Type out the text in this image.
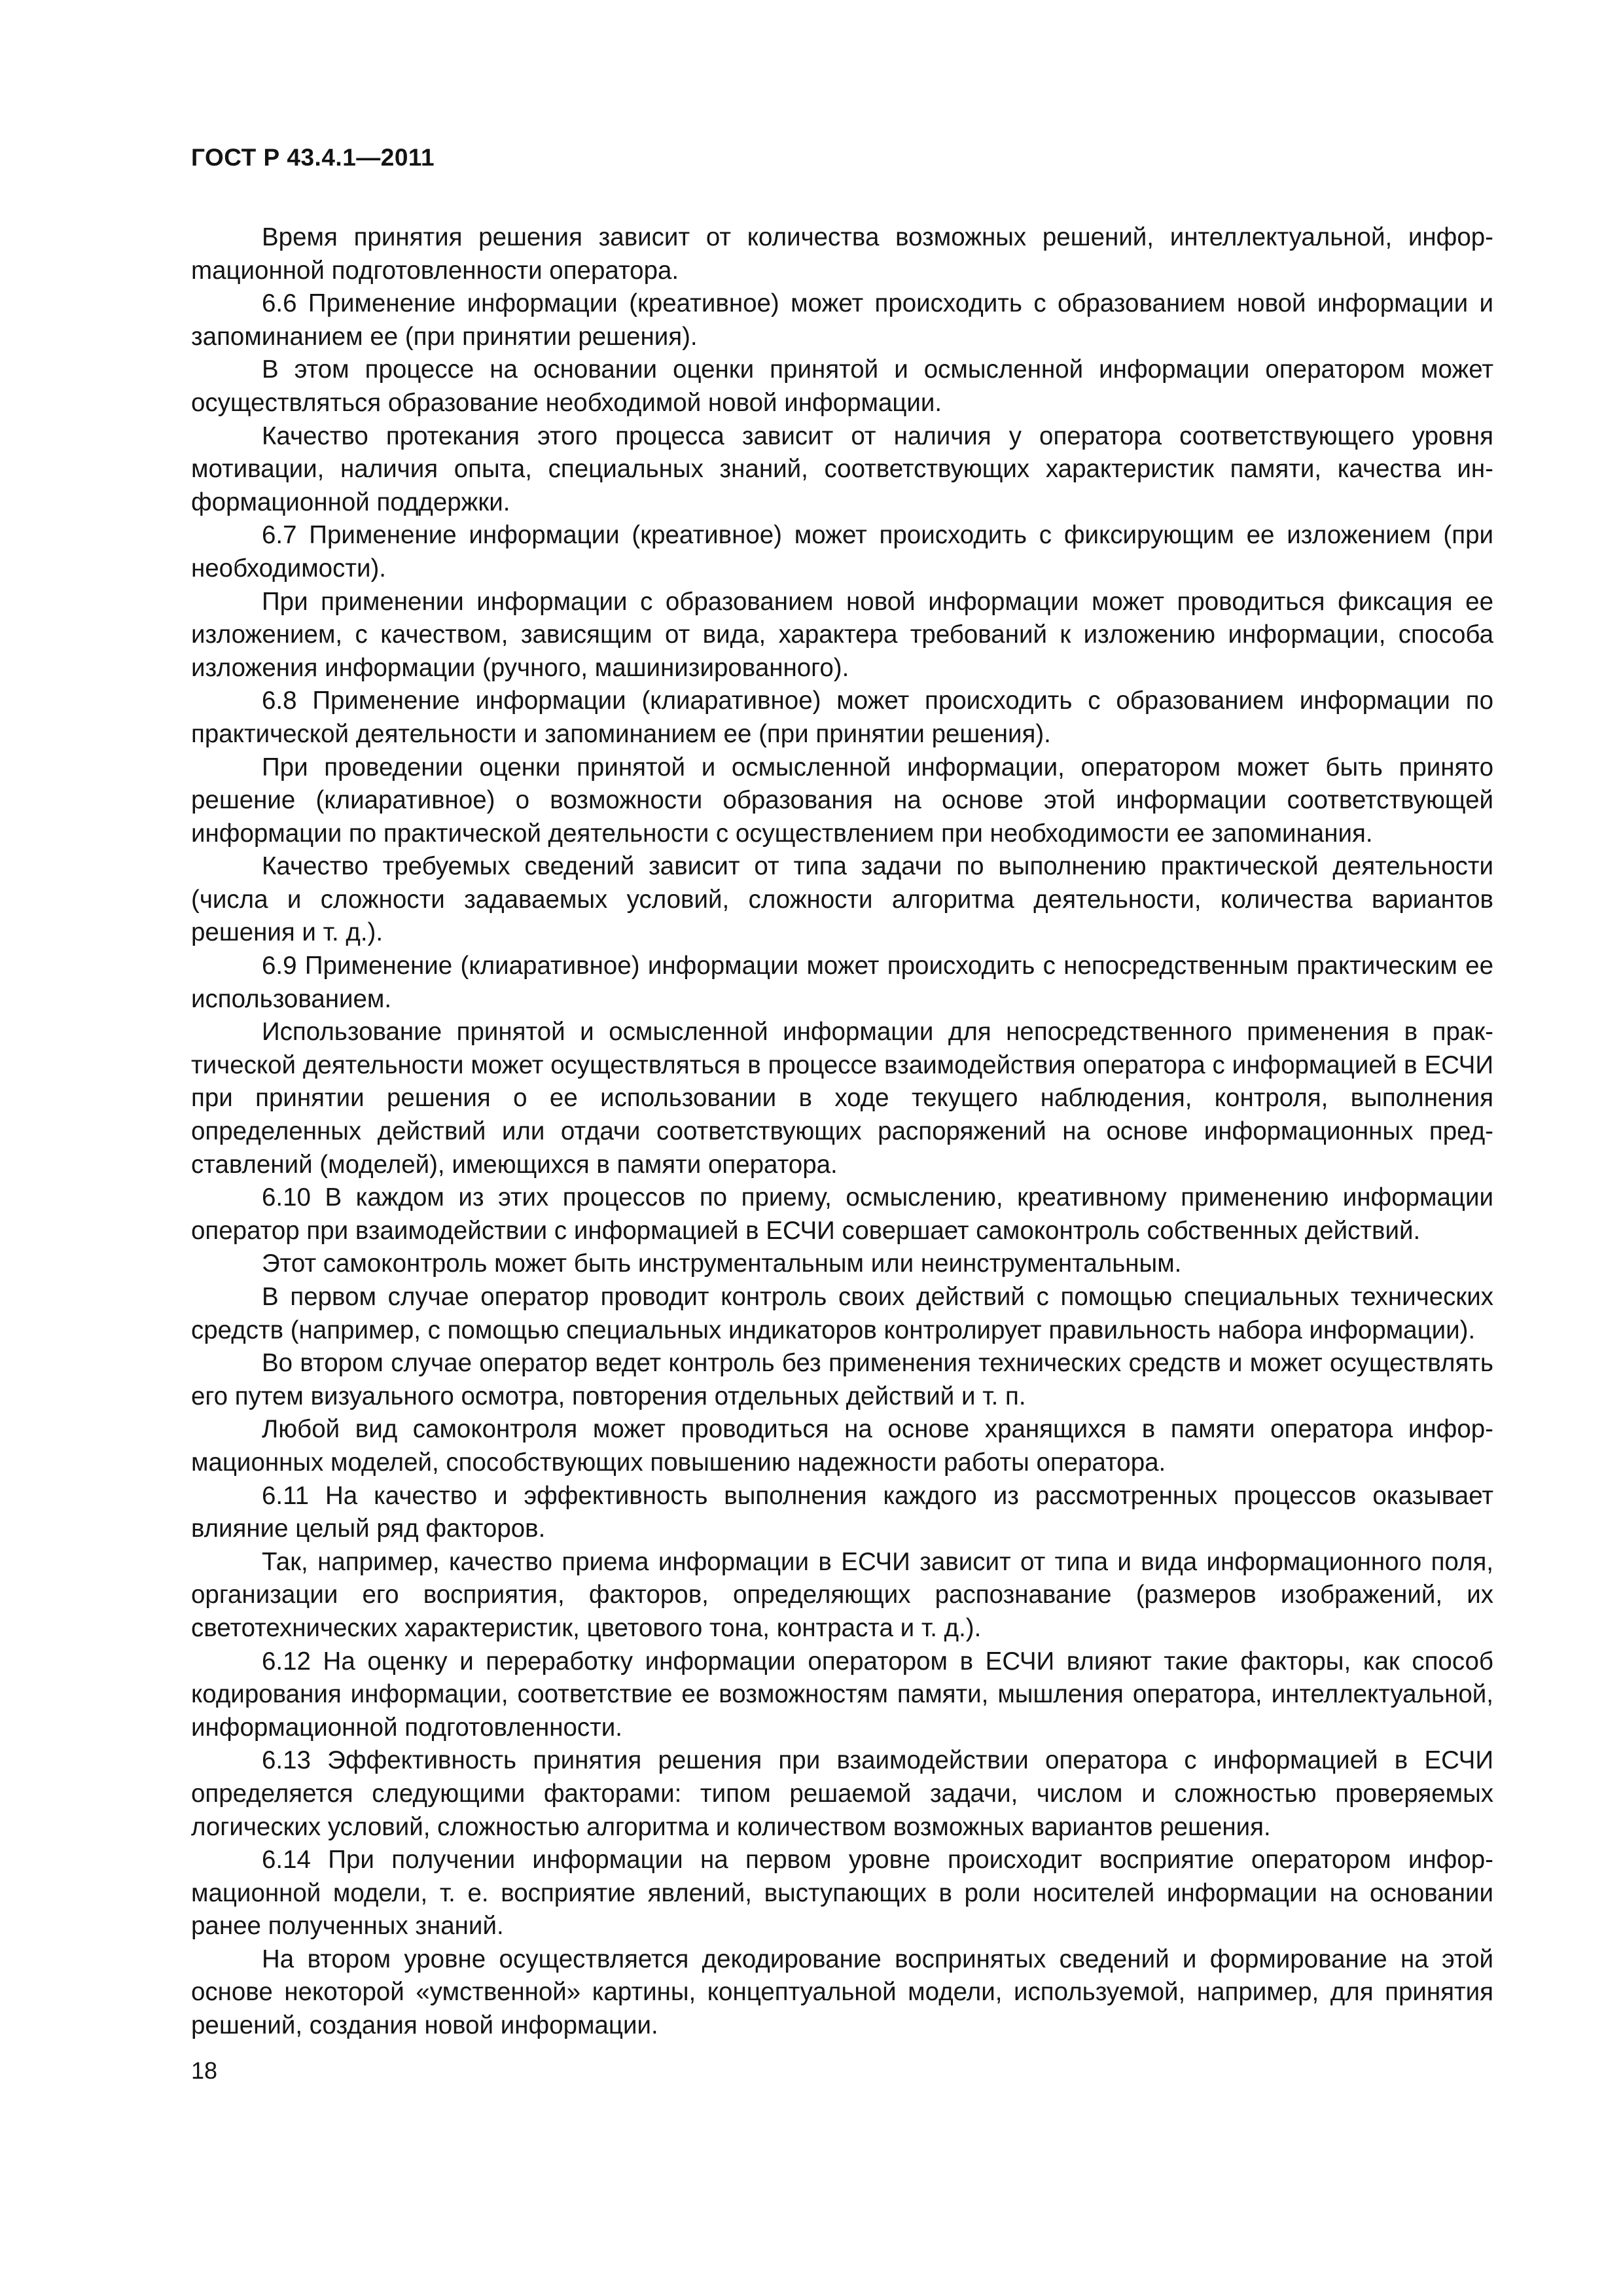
ГОСТ Р 43.4.1—2011

Время принятия решения зависит от количества возможных решений, интеллектуальной, инфорmационной подготовленности оператора.

6.6 Применение информации (креативное) может происходить с образованием новой информации и запоминанием ее (при принятии решения).

В этом процессе на основании оценки принятой и осмысленной информации оператором может осуществляться образование необходимой новой информации.

Качество протекания этого процесса зависит от наличия у оператора соответствующего уровня мотивации, наличия опыта, специальных знаний, соответствующих характеристик памяти, качества информационной поддержки.

6.7 Применение информации (креативное) может происходить с фиксирующим ее изложением (при необходимости).

При применении информации с образованием новой информации может проводиться фиксация ее изложением, с качеством, зависящим от вида, характера требований к изложению информации, способа изложения информации (ручного, машинизированного).

6.8 Применение информации (клиаративное) может происходить с образованием информации по практической деятельности и запоминанием ее (при принятии решения).

При проведении оценки принятой и осмысленной информации, оператором может быть принято решение (клиаративное) о возможности образования на основе этой информации соответствующей информации по практической деятельности с осуществлением при необходимости ее запоминания.

Качество требуемых сведений зависит от типа задачи по выполнению практической деятельности (числа и сложности задаваемых условий, сложности алгоритма деятельности, количества вариантов решения и т. д.).

6.9 Применение (клиаративное) информации может происходить с непосредственным практическим ее использованием.

Использование принятой и осмысленной информации для непосредственного применения в практической деятельности может осуществляться в процессе взаимодействия оператора с информацией в ЕСЧИ при принятии решения о ее использовании в ходе текущего наблюдения, контроля, выполнения определенных действий или отдачи соответствующих распоряжений на основе информационных представлений (моделей), имеющихся в памяти оператора.

6.10 В каждом из этих процессов по приему, осмыслению, креативному применению информации оператор при взаимодействии с информацией в ЕСЧИ совершает самоконтроль собственных действий.

Этот самоконтроль может быть инструментальным или неинструментальным.

В первом случае оператор проводит контроль своих действий с помощью специальных технических средств (например, с помощью специальных индикаторов контролирует правильность набора информации).

Во втором случае оператор ведет контроль без применения технических средств и может осуществлять его путем визуального осмотра, повторения отдельных действий и т. п.

Любой вид самоконтроля может проводиться на основе хранящихся в памяти оператора информационных моделей, способствующих повышению надежности работы оператора.

6.11 На качество и эффективность выполнения каждого из рассмотренных процессов оказывает влияние целый ряд факторов.

Так, например, качество приема информации в ЕСЧИ зависит от типа и вида информационного поля, организации его восприятия, факторов, определяющих распознавание (размеров изображений, их светотехнических характеристик, цветового тона, контраста и т. д.).

6.12 На оценку и переработку информации оператором в ЕСЧИ влияют такие факторы, как способ кодирования информации, соответствие ее возможностям памяти, мышления оператора, интеллектуальной, информационной подготовленности.

6.13 Эффективность принятия решения при взаимодействии оператора с информацией в ЕСЧИ определяется следующими факторами: типом решаемой задачи, числом и сложностью проверяемых логических условий, сложностью алгоритма и количеством возможных вариантов решения.

6.14 При получении информации на первом уровне происходит восприятие оператором информационной модели, т. е. восприятие явлений, выступающих в роли носителей информации на основании ранее полученных знаний.

На втором уровне осуществляется декодирование воспринятых сведений и формирование на этой основе некоторой «умственной» картины, концептуальной модели, используемой, например, для принятия решений, создания новой информации.

18
